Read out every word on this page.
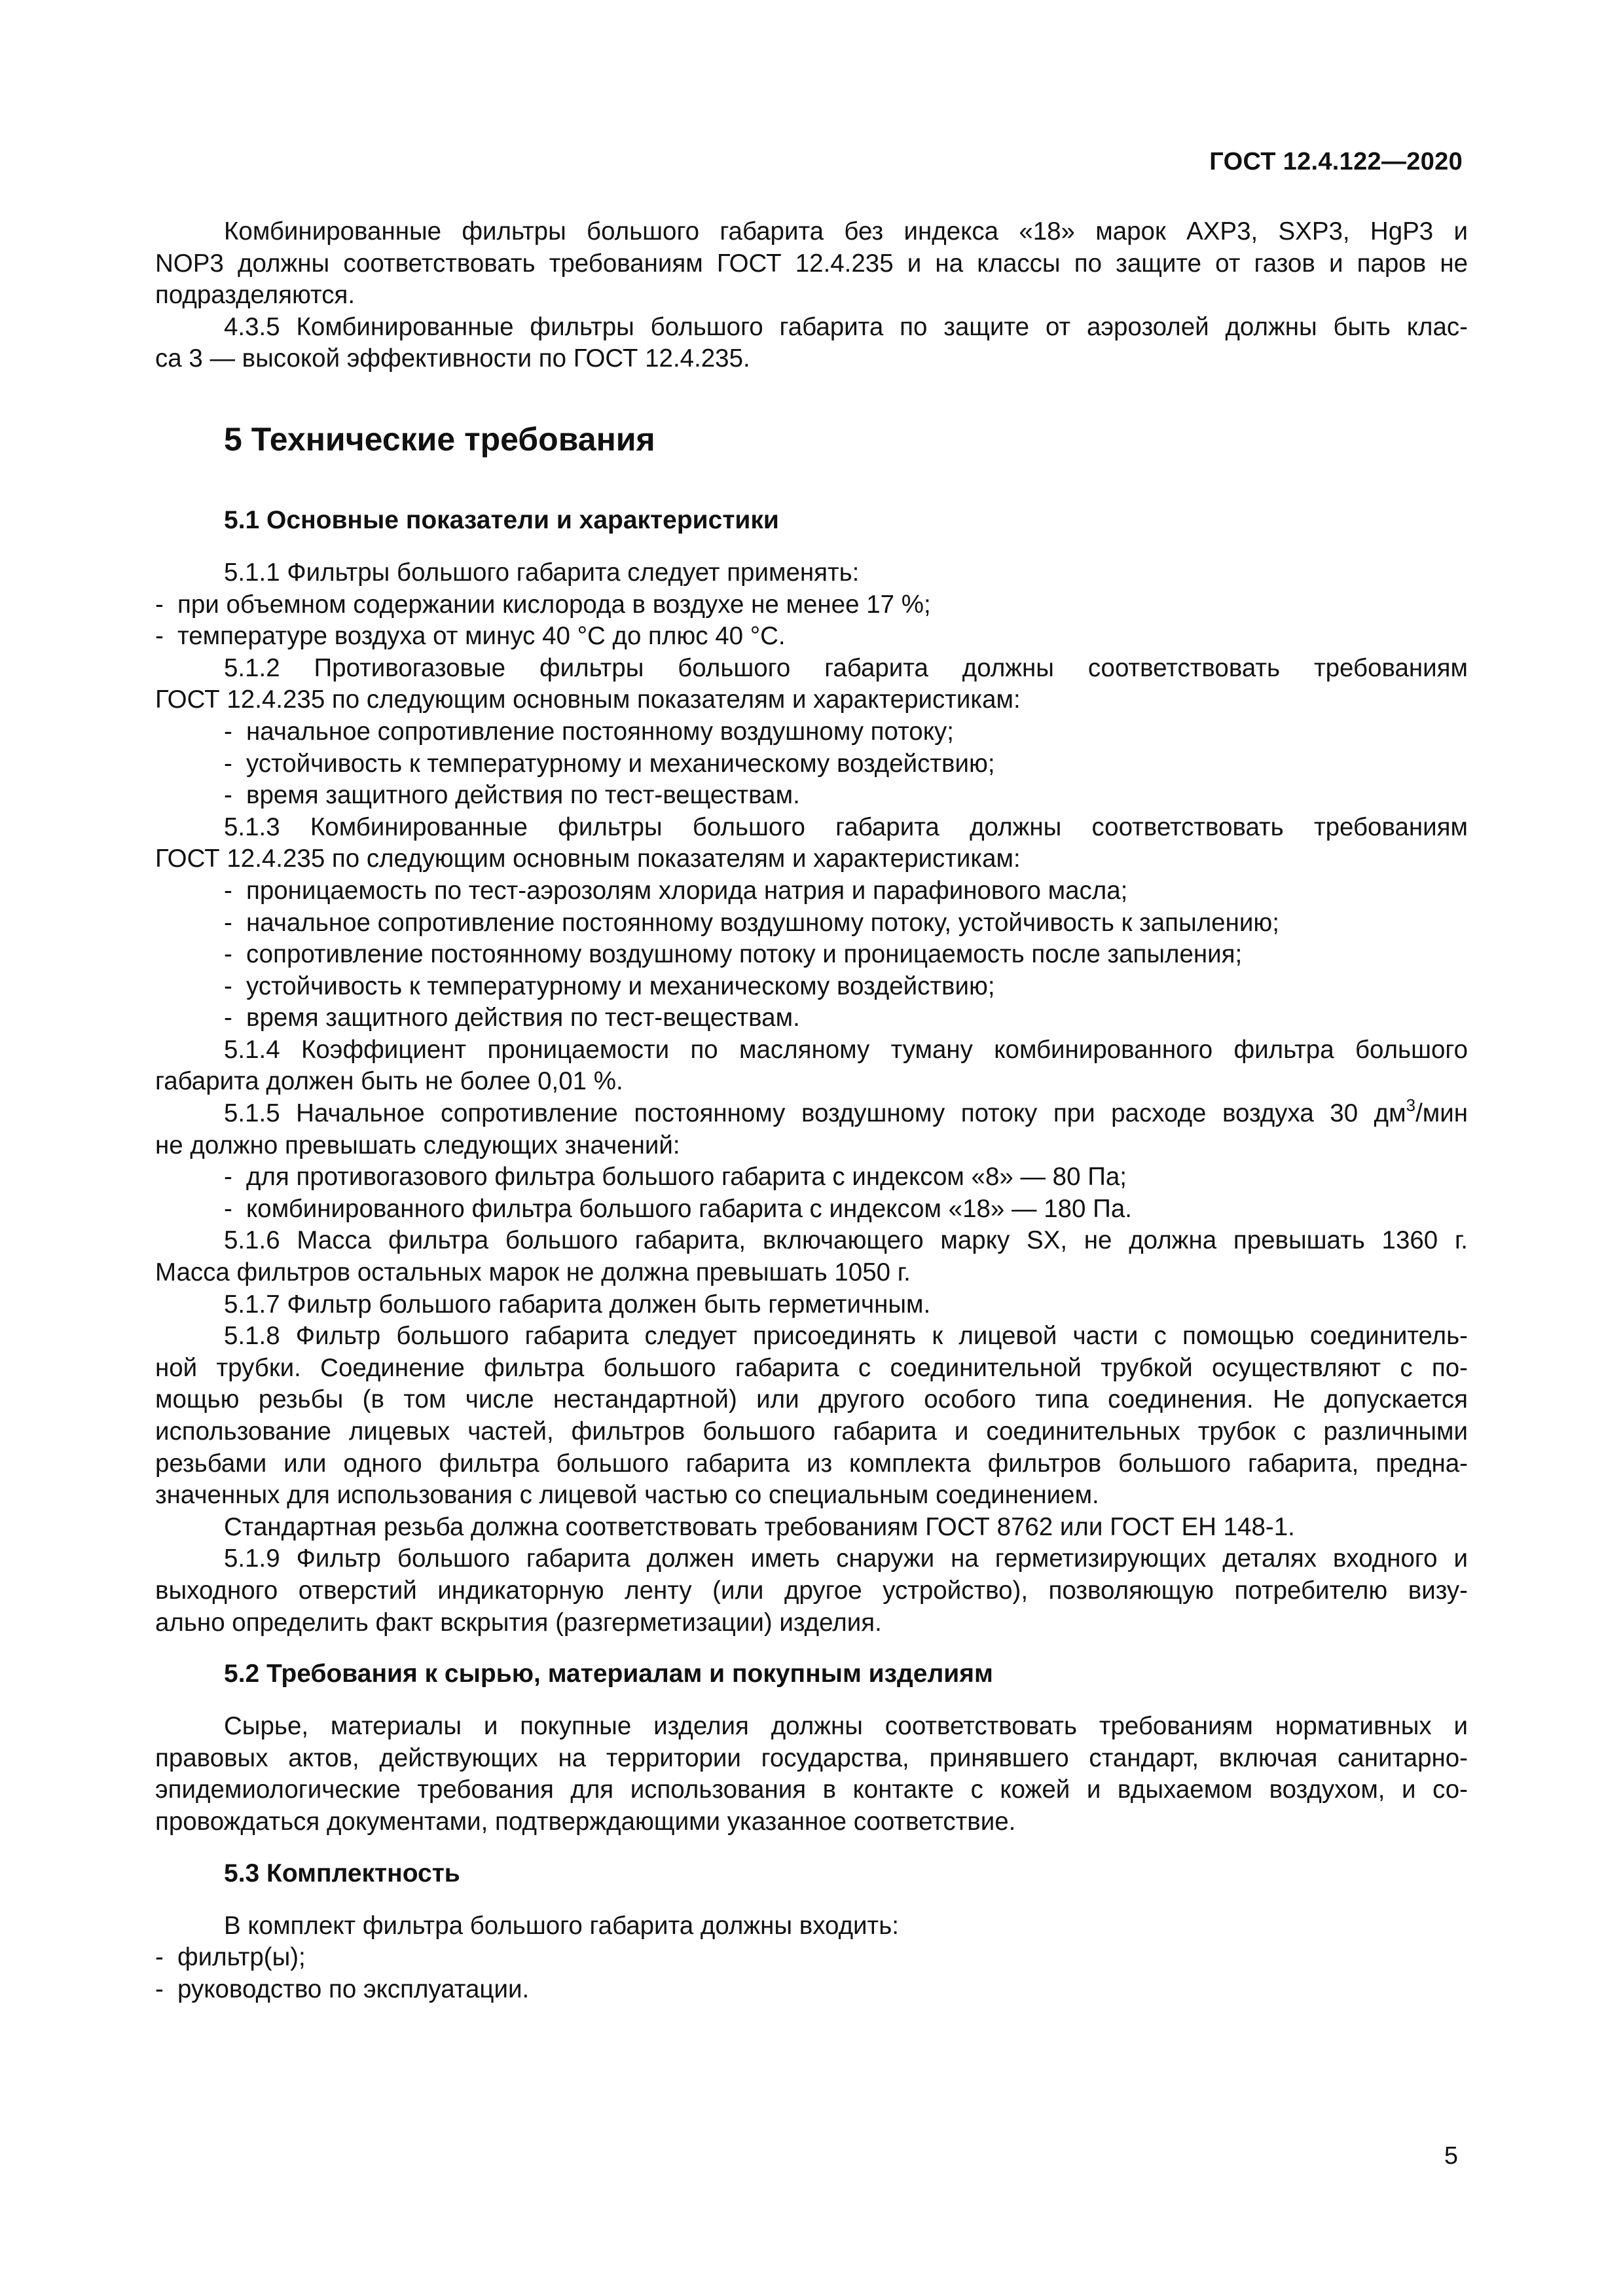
ГОСТ 12.4.122—2020

Комбинированные фильтры большого габарита без индекса «18» марок АХР3, SХР3, HgP3 и
NOP3 должны соответствовать требованиям ГОСТ 12.4.235 и на классы по защите от газов и паров не
подразделяются.

4.3.5 Комбинированные фильтры большого габарита по защите от аэрозолей должны быть клас-
са 3 — высокой эффективности по ГОСТ 12.4.235.

5 Технические требования
5.1 Основные показатели и характеристики

5.1.1 Фильтры большого габарита следует применять:

- при объемном содержании кислорода в воздухе не менее 17 %;
- температуре воздуха от минус 40 °С до плюс 40 °С.

5.1.2 Противогазовые фильтры большого габарита должны соответствовать требованиям
ГОСТ 12.4.235 по следующим основным показателям и характеристикам:

- начальное сопротивление постоянному воздушному потоку;
- устойчивость к температурному и механическому воздействию;
- время защитного действия по тест-веществам.

5.1.3 Комбинированные фильтры большого габарита должны соответствовать требованиям
ГОСТ 12.4.235 по следующим основным показателям и характеристикам:

- проницаемость по тест-аэрозолям хлорида натрия и парафинового масла;
- начальное сопротивление постоянному воздушному потоку, устойчивость к запылению;
- сопротивление постоянному воздушному потоку и проницаемость после запыления;
- устойчивость к температурному и механическому воздействию;
- время защитного действия по тест-веществам.

5.1.4 Коэффициент проницаемости по масляному туману комбинированного фильтра большого
габарита должен быть не более 0,01 %.

5.1.5 Начальное сопротивление постоянному воздушному потоку при расходе воздуха 30 $дм^3$/мин
не должно превышать следующих значений:

- для противогазового фильтра большого габарита с индексом «8» — 80 Па;
- комбинированного фильтра большого габарита с индексом «18» — 180 Па.

5.1.6 Масса фильтра большого габарита, включающего марку SX, не должна превышать 1360 г.
Масса фильтров остальных марок не должна превышать 1050 г.

5.1.7 Фильтр большого габарита должен быть герметичным.

5.1.8 Фильтр большого габарита следует присоединять к лицевой части с помощью соединитель-
ной трубки. Соединение фильтра большого габарита с соединительной трубкой осуществляют с по-
мощью резьбы (в том числе нестандартной) или другого особого типа соединения. Не допускается
использование лицевых частей, фильтров большого габарита и соединительных трубок с различными
резьбами или одного фильтра большого габарита из комплекта фильтров большого габарита, предна-
значенных для использования с лицевой частью со специальным соединением.

Стандартная резьба должна соответствовать требованиям ГОСТ 8762 или ГОСТ ЕН 148-1.

5.1.9 Фильтр большого габарита должен иметь снаружи на герметизирующих деталях входного и
выходного отверстий индикаторную ленту (или другое устройство), позволяющую потребителю визу-
ально определить факт вскрытия (разгерметизации) изделия.

5.2 Требования к сырью, материалам и покупным изделиям

Сырье, материалы и покупные изделия должны соответствовать требованиям нормативных и
правовых актов, действующих на территории государства, принявшего стандарт, включая санитарно-
эпидемиологические требования для использования в контакте с кожей и вдыхаемом воздухом, и со-
провождаться документами, подтверждающими указанное соответствие.

5.3 Комплектность

В комплект фильтра большого габарита должны входить:

- фильтр(ы);
- руководство по эксплуатации.
5
